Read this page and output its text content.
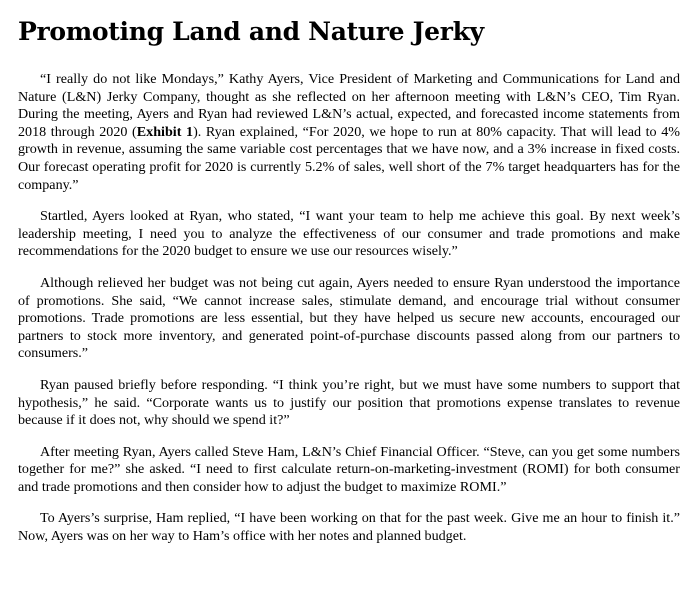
Promoting Land and Nature Jerky

“I really do not like Mondays,” Kathy Ayers, Vice President of Marketing and Communications for Land and Nature (L&N) Jerky Company, thought as she reflected on her afternoon meeting with L&N’s CEO, Tim Ryan. During the meeting, Ayers and Ryan had reviewed L&N’s actual, expected, and forecasted income statements from 2018 through 2020 (Exhibit 1). Ryan explained, “For 2020, we hope to run at 80% capacity. That will lead to 4% growth in revenue, assuming the same variable cost percentages that we have now, and a 3% increase in fixed costs. Our forecast operating profit for 2020 is currently 5.2% of sales, well short of the 7% target headquarters has for the company.”

Startled, Ayers looked at Ryan, who stated, “I want your team to help me achieve this goal. By next week’s leadership meeting, I need you to analyze the effectiveness of our consumer and trade promotions and make recommendations for the 2020 budget to ensure we use our resources wisely.”

Although relieved her budget was not being cut again, Ayers needed to ensure Ryan understood the importance of promotions. She said, “We cannot increase sales, stimulate demand, and encourage trial without consumer promotions. Trade promotions are less essential, but they have helped us secure new accounts, encouraged our partners to stock more inventory, and generated point-of-purchase discounts passed along from our partners to consumers.”

Ryan paused briefly before responding. “I think you’re right, but we must have some numbers to support that hypothesis,” he said. “Corporate wants us to justify our position that promotions expense translates to revenue because if it does not, why should we spend it?”

After meeting Ryan, Ayers called Steve Ham, L&N’s Chief Financial Officer. “Steve, can you get some numbers together for me?” she asked. “I need to first calculate return-on-marketing-investment (ROMI) for both consumer and trade promotions and then consider how to adjust the budget to maximize ROMI.”

To Ayers’s surprise, Ham replied, “I have been working on that for the past week. Give me an hour to finish it.” Now, Ayers was on her way to Ham’s office with her notes and planned budget.
